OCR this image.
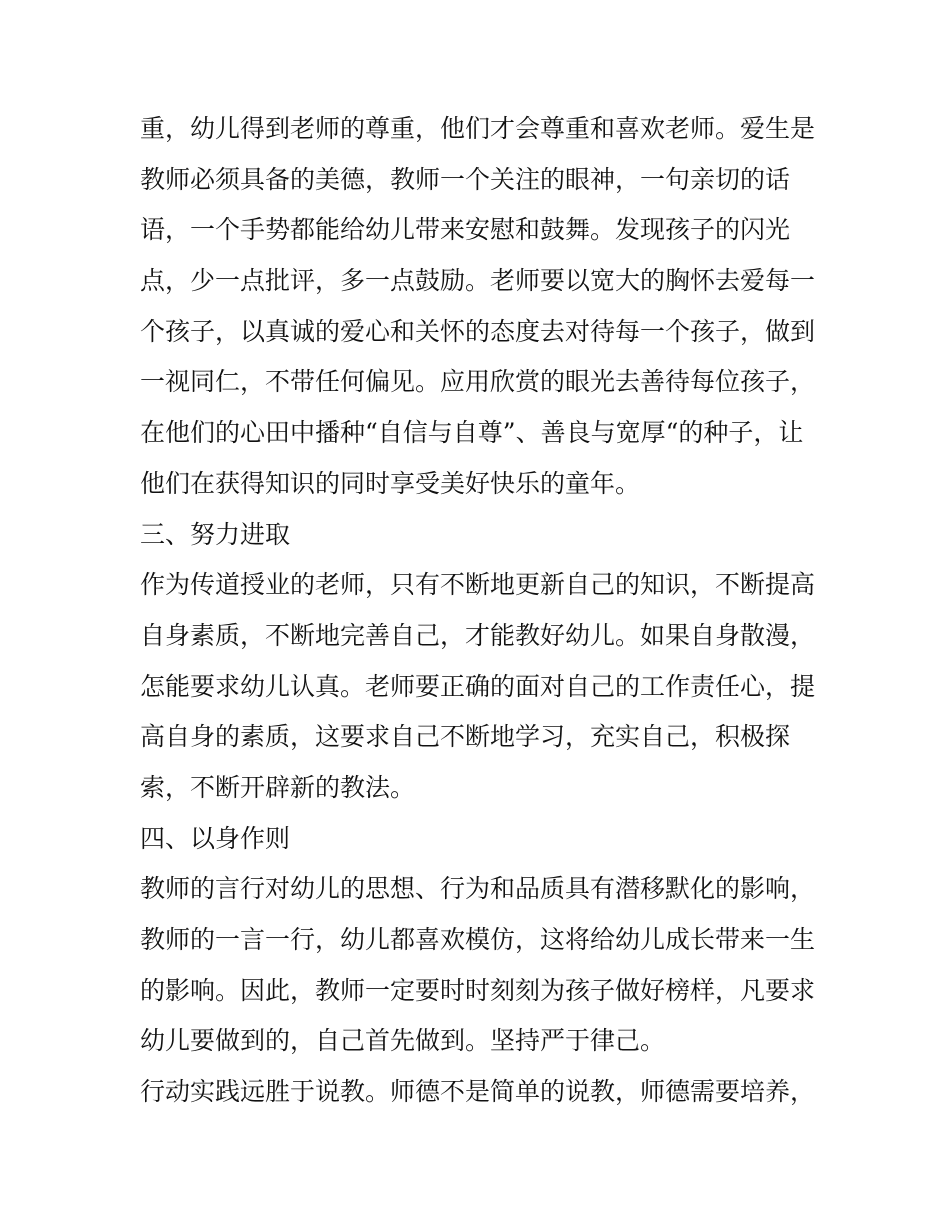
重，幼儿得到老师的尊重，他们才会尊重和喜欢老师。爱生是
教师必须具备的美德，教师一个关注的眼神，一句亲切的话
语，一个手势都能给幼儿带来安慰和鼓舞。发现孩子的闪光
点，少一点批评，多一点鼓励。老师要以宽大的胸怀去爱每一
个孩子，以真诚的爱心和关怀的态度去对待每一个孩子，做到
一视同仁，不带任何偏见。应用欣赏的眼光去善待每位孩子，
在他们的心田中播种“自信与自尊”、善良与宽厚“的种子，让
他们在获得知识的同时享受美好快乐的童年。
三、努力进取
作为传道授业的老师，只有不断地更新自己的知识，不断提高
自身素质，不断地完善自己，才能教好幼儿。如果自身散漫，
怎能要求幼儿认真。老师要正确的面对自己的工作责任心，提
高自身的素质，这要求自己不断地学习，充实自己，积极探
索，不断开辟新的教法。
四、以身作则
教师的言行对幼儿的思想、行为和品质具有潜移默化的影响，
教师的一言一行，幼儿都喜欢模仿，这将给幼儿成长带来一生
的影响。因此，教师一定要时时刻刻为孩子做好榜样，凡要求
幼儿要做到的，自己首先做到。坚持严于律己。
行动实践远胜于说教。师德不是简单的说教，师德需要培养，
